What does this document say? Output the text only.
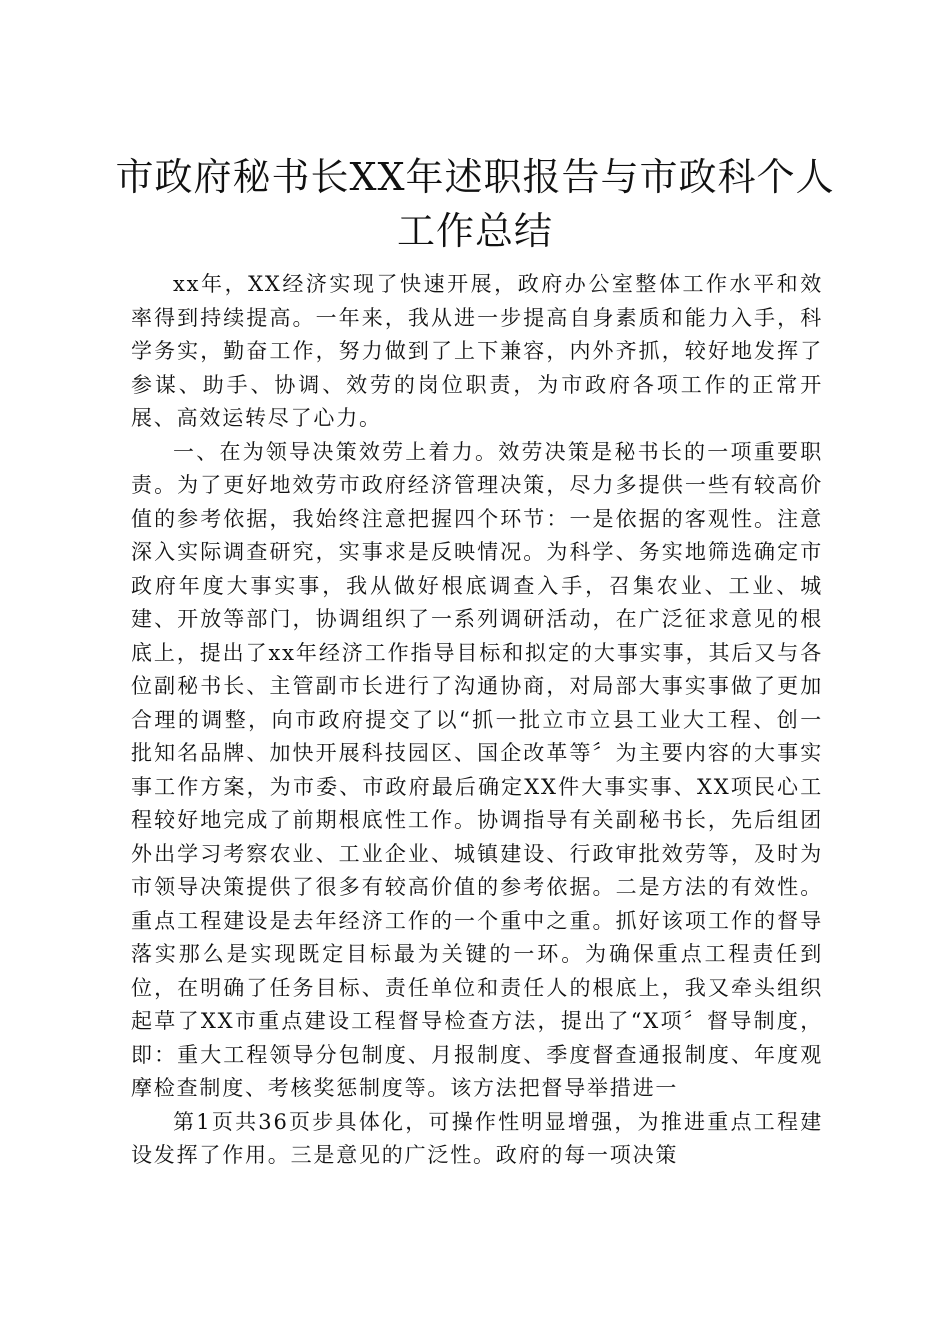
市政府秘书长XX年述职报告与市政科个人工作总结

xx年，XX经济实现了快速开展，政府办公室整体工作水平和效率得到持续提高。一年来，我从进一步提高自身素质和能力入手，科学务实，勤奋工作，努力做到了上下兼容，内外齐抓，较好地发挥了参谋、助手、协调、效劳的岗位职责，为市政府各项工作的正常开展、高效运转尽了心力。

一、在为领导决策效劳上着力。效劳决策是秘书长的一项重要职责。为了更好地效劳市政府经济管理决策，尽力多提供一些有较高价值的参考依据，我始终注意把握四个环节：一是依据的客观性。注意深入实际调查研究，实事求是反映情况。为科学、务实地筛选确定市政府年度大事实事，我从做好根底调查入手，召集农业、工业、城建、开放等部门，协调组织了一系列调研活动，在广泛征求意见的根底上，提出了xx年经济工作指导目标和拟定的大事实事，其后又与各位副秘书长、主管副市长进行了沟通协商，对局部大事实事做了更加合理的调整，向市政府提交了以“抓一批立市立县工业大工程、创一批知名品牌、加快开展科技园区、国企改革等〞为主要内容的大事实事工作方案，为市委、市政府最后确定XX件大事实事、XX项民心工程较好地完成了前期根底性工作。协调指导有关副秘书长，先后组团外出学习考察农业、工业企业、城镇建设、行政审批效劳等，及时为市领导决策提供了很多有较高价值的参考依据。二是方法的有效性。重点工程建设是去年经济工作的一个重中之重。抓好该项工作的督导落实那么是实现既定目标最为关键的一环。为确保重点工程责任到位，在明确了任务目标、责任单位和责任人的根底上，我又牵头组织起草了XX市重点建设工程督导检查方法，提出了“X项〞督导制度，即：重大工程领导分包制度、月报制度、季度督查通报制度、年度观摩检查制度、考核奖惩制度等。该方法把督导举措进一

第1页共36页步具体化，可操作性明显增强，为推进重点工程建设发挥了作用。三是意见的广泛性。政府的每一项决策
